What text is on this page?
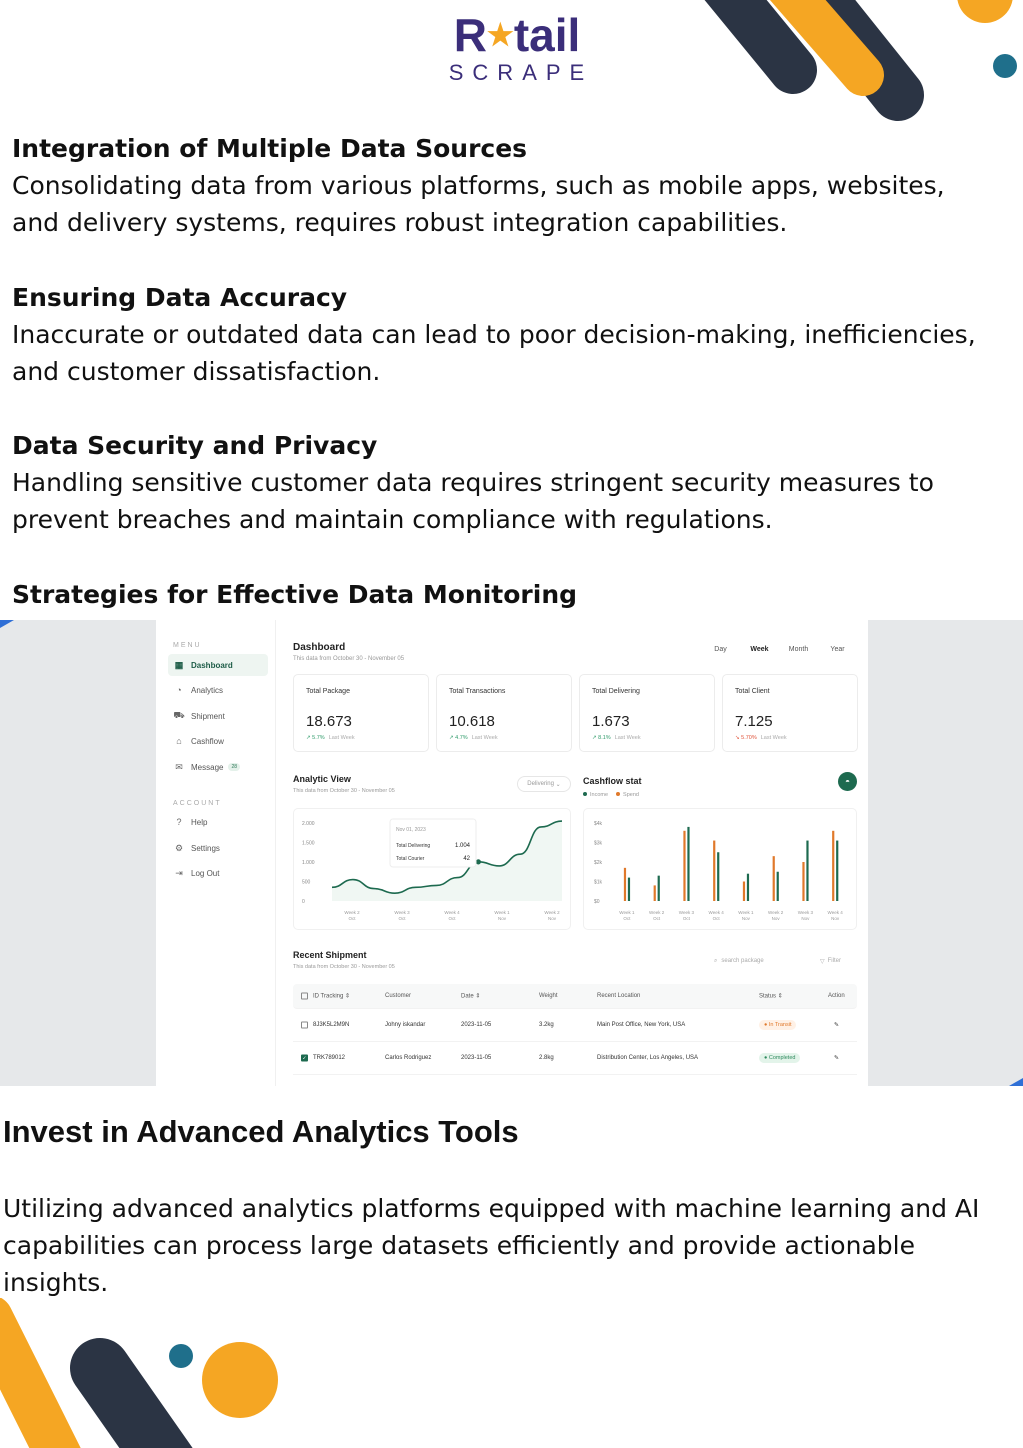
R★tail
SCRAPE
Integration of Multiple Data Sources

Consolidating data from various platforms, such as mobile apps, websites,

and delivery systems, requires robust integration capabilities.

Ensuring Data Accuracy

Inaccurate or outdated data can lead to poor decision-making, inefficiencies,

and customer dissatisfaction.

Data Security and Privacy

Handling sensitive customer data requires stringent security measures to

prevent breaches and maintain compliance with regulations.

Strategies for Effective Data Monitoring
MENU
▦ Dashboard
◔ Analytics
⛟ Shipment
⌂ Cashflow
✉ Message	28
ACCOUNT
?	Help
⚙ Settings
⇥ Log Out
Dashboard
This data from October 30 - November 05
Day	Week	Month	Year
Total Package
18.673
↗ 5.7% Last Week
Total Transactions
10.618
↗ 4.7% Last Week
Total Delivering
1.673
↗ 8.1% Last Week
Total Client
7.125
↘ 5.70% Last Week
Analytic View
This data from October 30 - November 05
Delivering
⌄
2.000
1.500
1.000
500
0
Week 2
Oct
Week 3
Oct
Week 4
Oct
Week 1
Nov
Week 2
Nov
Nov 01, 2023
Total Delivering	1.004
Total Courier	42
Cashflow stat
Income	Spend
◓
$4k
$3k
$2k
$1k
$0
Week 1
Oct
Week 2
Oct
Week 3
Oct
Week 4
Oct
Week 1
Nov
Week 2
Nov
Week 3
Nov
Week 4
Nov
Recent Shipment
This data from October 30 - November 05
⌕ search package	▽ Filter
ID Tracking ⇕	Customer	Date ⇕	Weight	Recent Location	Status ⇕	Action
8J3K5L2M9N	Johny iskandar	2023-11-05	3.2kg	Main Post Office, New York, USA	● In Transit	✎
✓ TRK789012	Carlos Rodriguez	2023-11-05	2.8kg	Distribution Center, Los Angeles, USA	● Completed	✎
Invest in Advanced Analytics Tools
Utilizing advanced analytics platforms equipped with machine learning and AI
capabilities can process large datasets efficiently and provide actionable
insights.
